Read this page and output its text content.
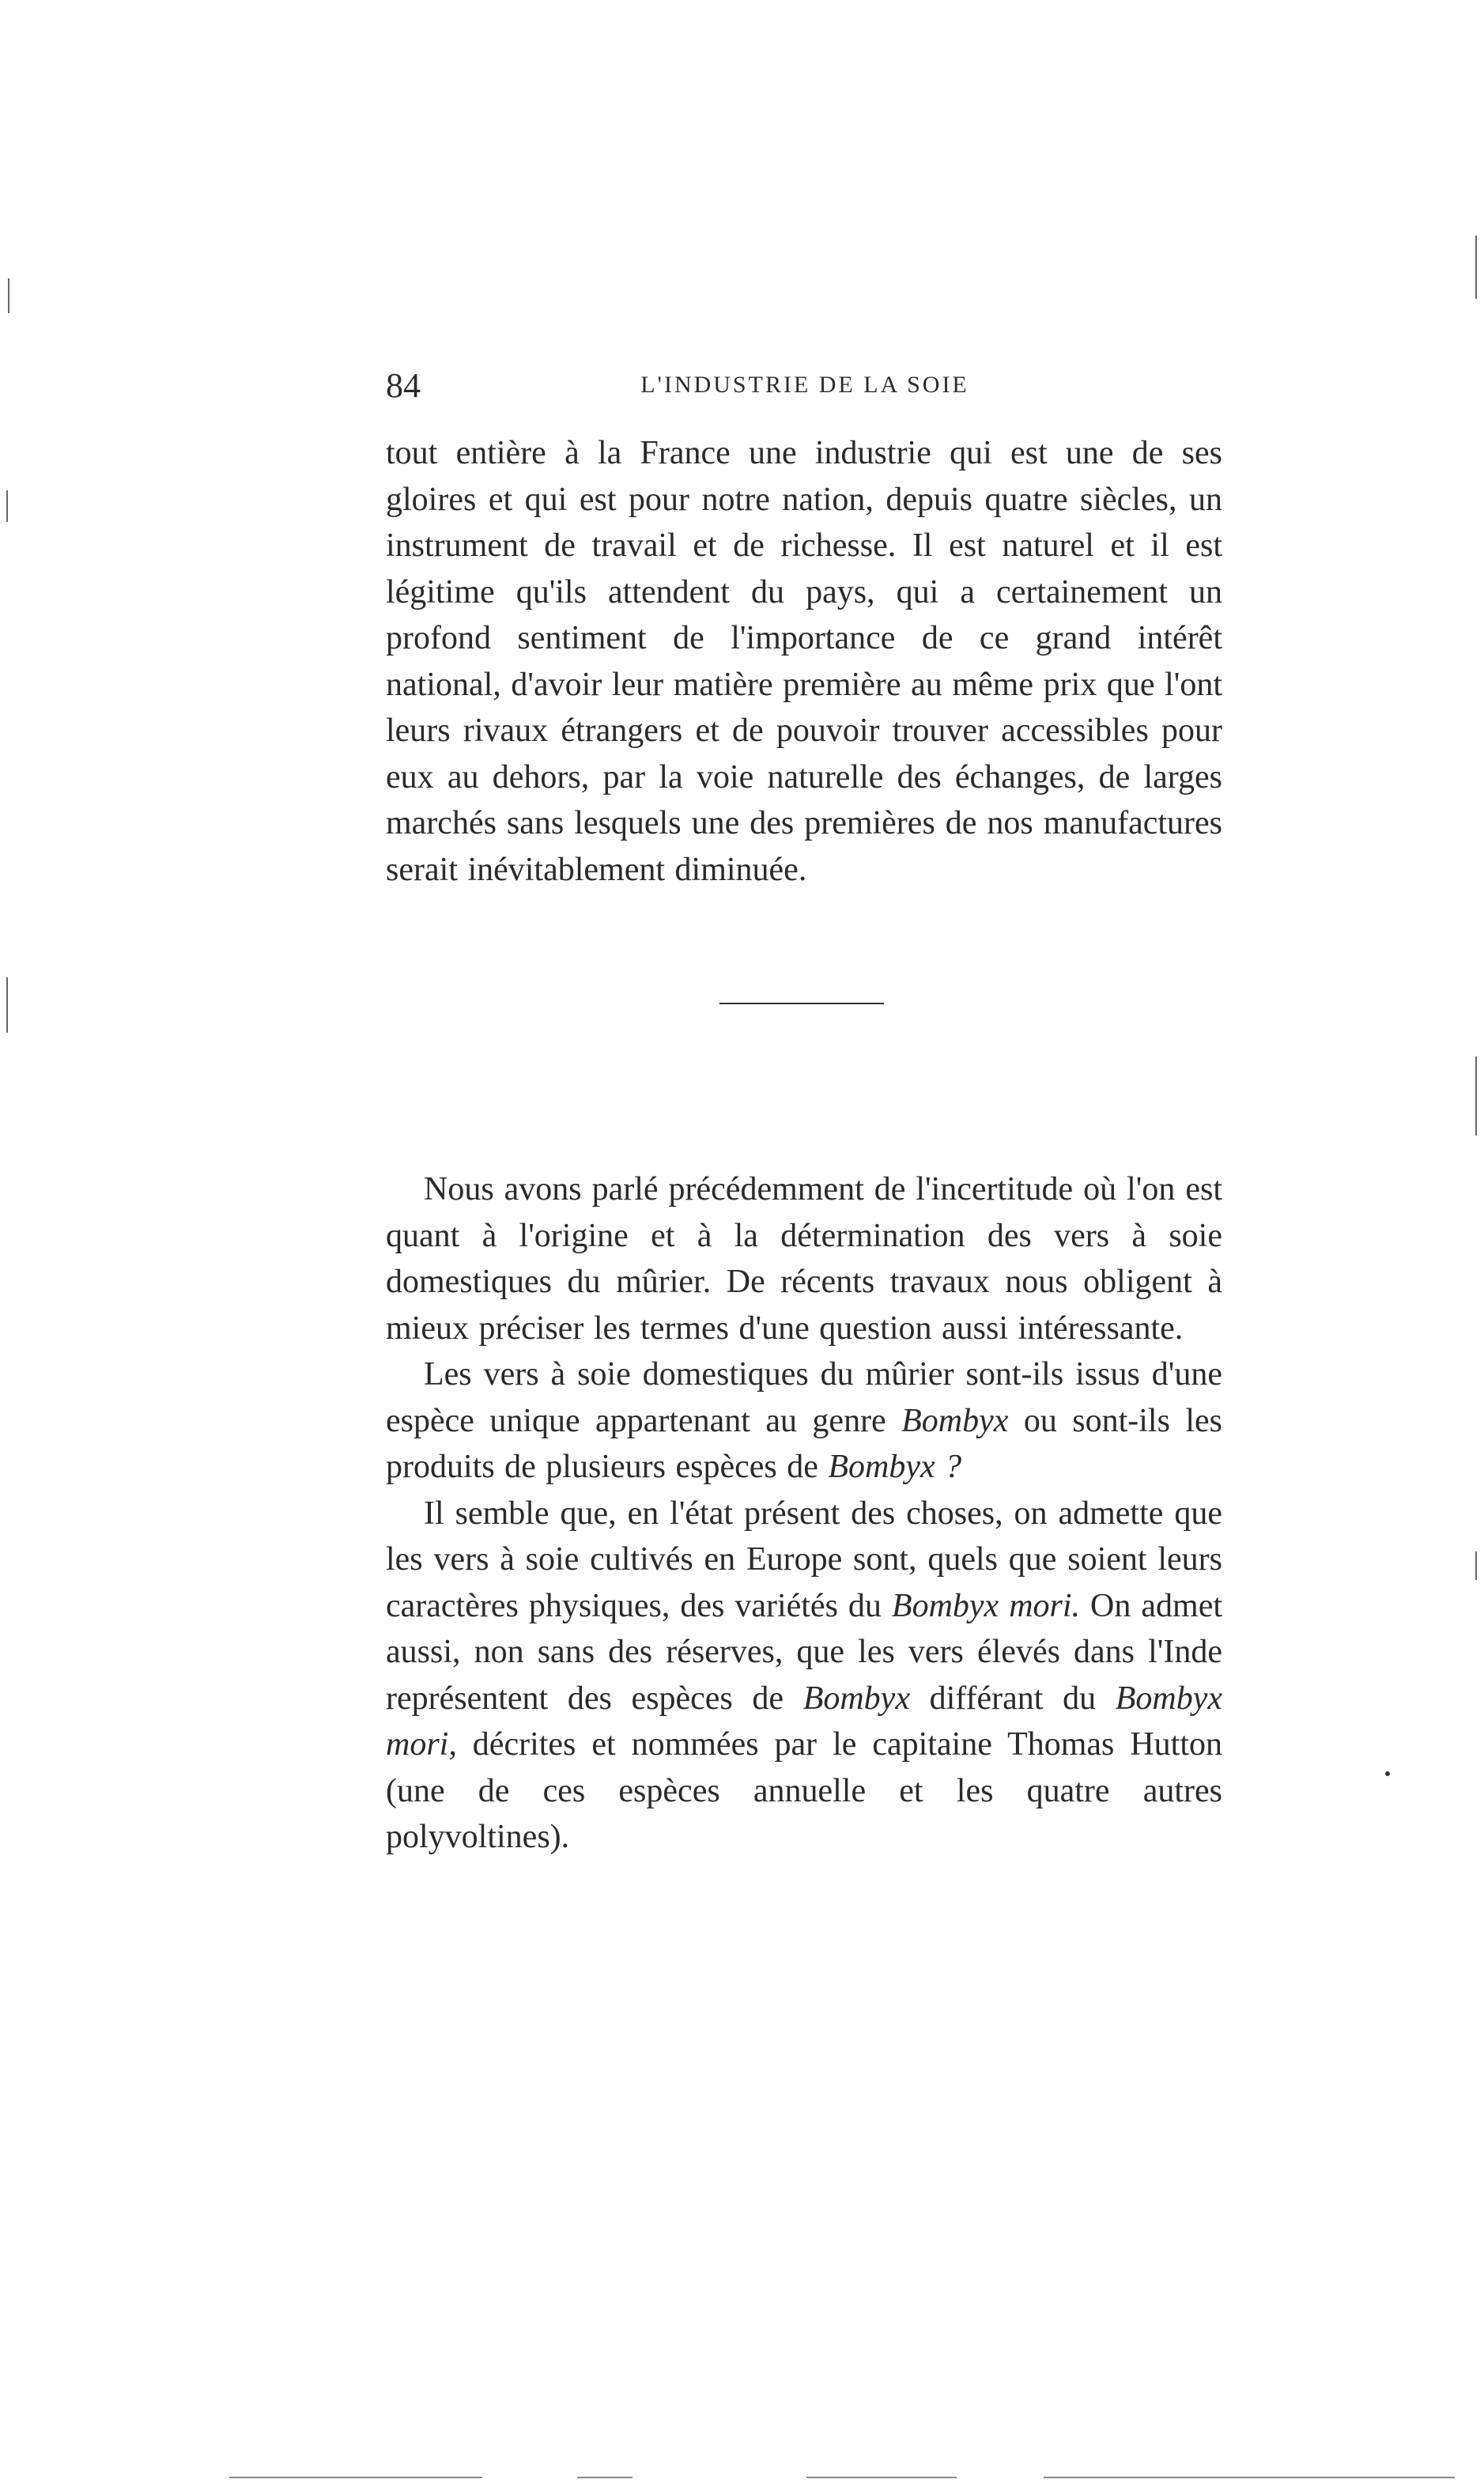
84	L'INDUSTRIE DE LA SOIE

tout entière à la France une industrie qui est une de ses gloires et qui est pour notre nation, depuis quatre siècles, un instrument de travail et de richesse. Il est naturel et il est légitime qu'ils attendent du pays, qui a certainement un profond sentiment de l'importance de ce grand intérêt national, d'avoir leur matière première au même prix que l'ont leurs rivaux étrangers et de pouvoir trouver accessibles pour eux au dehors, par la voie naturelle des échanges, de larges marchés sans lesquels une des premières de nos manufactures serait inévitablement diminuée.

Nous avons parlé précédemment de l'incertitude où l'on est quant à l'origine et à la détermination des vers à soie domestiques du mûrier. De récents travaux nous obligent à mieux préciser les termes d'une question aussi intéressante.

Les vers à soie domestiques du mûrier sont-ils issus d'une espèce unique appartenant au genre Bombyx ou sont-ils les produits de plusieurs espèces de Bombyx ?

Il semble que, en l'état présent des choses, on admette que les vers à soie cultivés en Europe sont, quels que soient leurs caractères physiques, des variétés du Bombyx mori. On admet aussi, non sans des réserves, que les vers élevés dans l'Inde représentent des espèces de Bombyx différant du Bombyx mori, décrites et nommées par le capitaine Thomas Hutton (une de ces espèces annuelle et les quatre autres polyvoltines).
